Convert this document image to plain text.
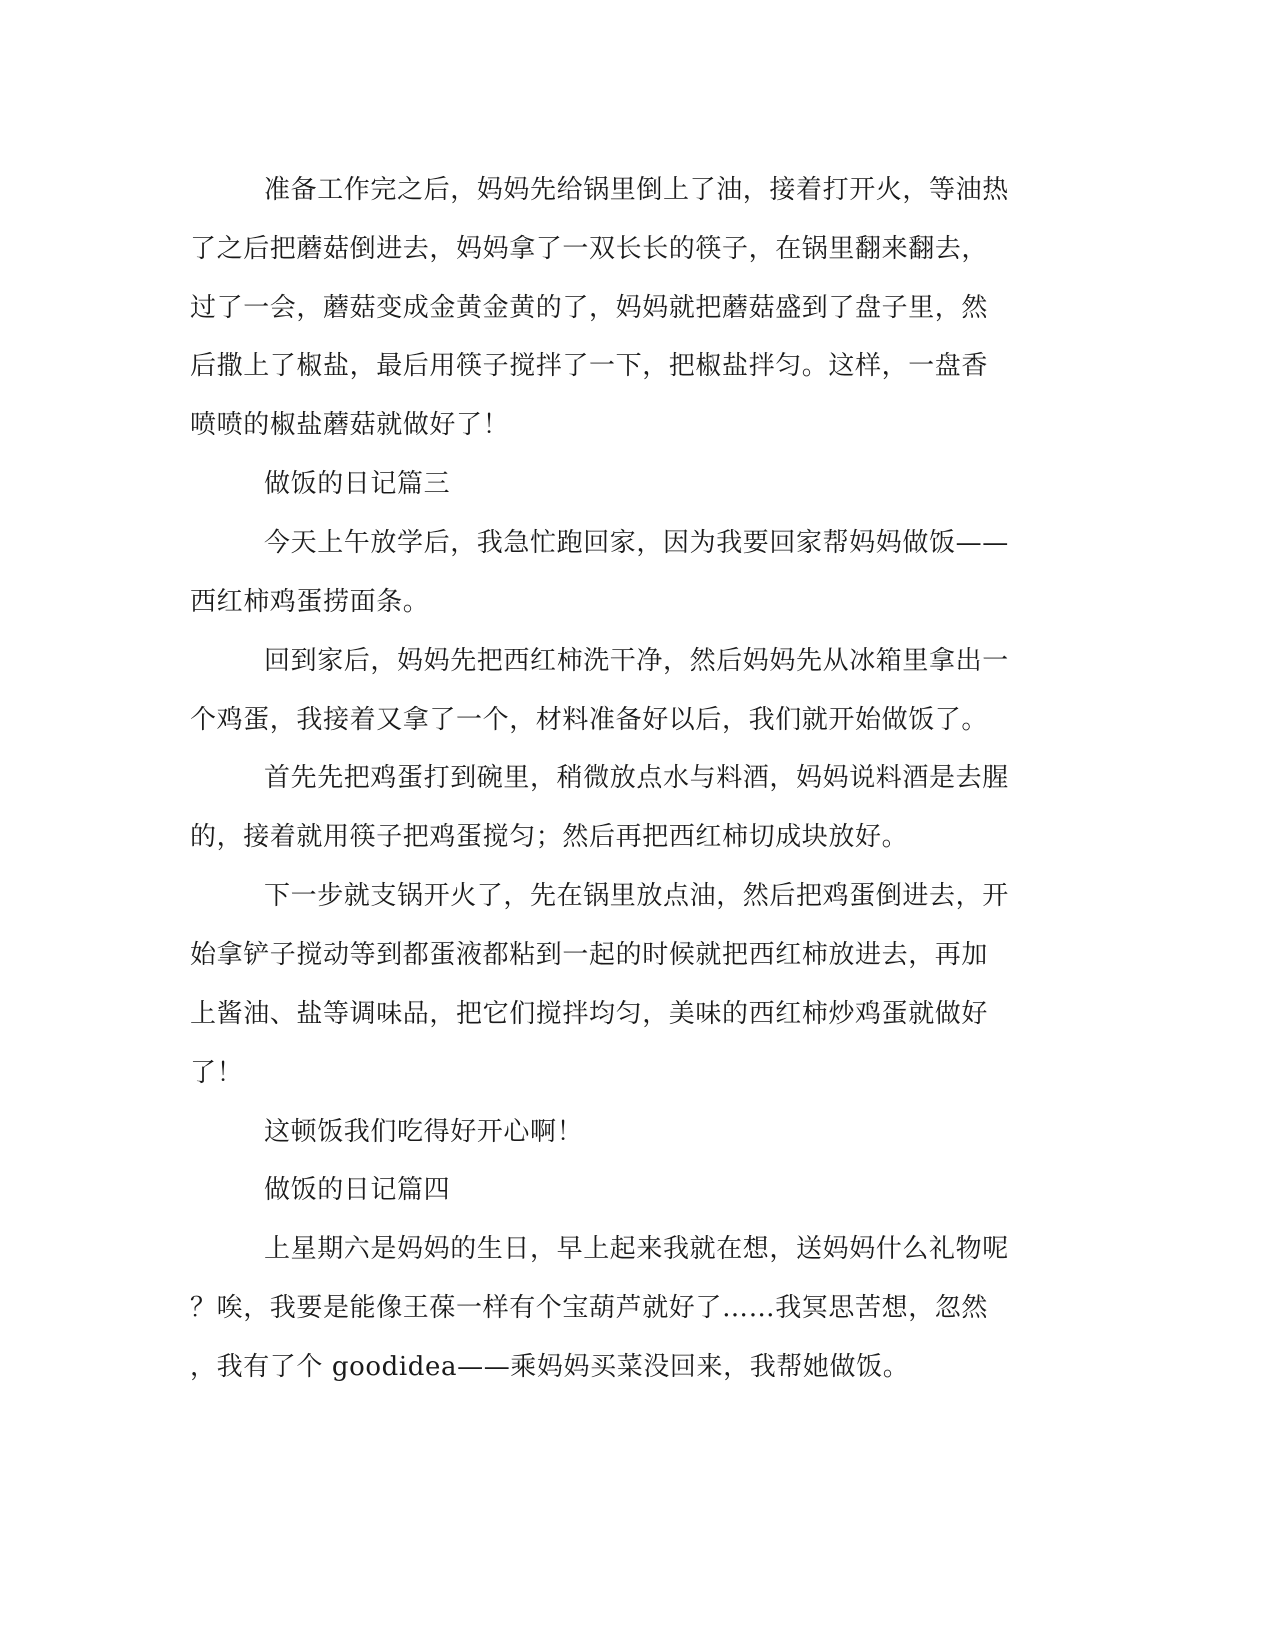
准备工作完之后，妈妈先给锅里倒上了油，接着打开火，等油热

了之后把蘑菇倒进去，妈妈拿了一双长长的筷子，在锅里翻来翻去，

过了一会，蘑菇变成金黄金黄的了，妈妈就把蘑菇盛到了盘子里，然

后撒上了椒盐，最后用筷子搅拌了一下，把椒盐拌匀。这样，一盘香

喷喷的椒盐蘑菇就做好了！

做饭的日记篇三

今天上午放学后，我急忙跑回家，因为我要回家帮妈妈做饭——

西红柿鸡蛋捞面条。

回到家后，妈妈先把西红柿洗干净，然后妈妈先从冰箱里拿出一

个鸡蛋，我接着又拿了一个，材料准备好以后，我们就开始做饭了。

首先先把鸡蛋打到碗里，稍微放点水与料酒，妈妈说料酒是去腥

的，接着就用筷子把鸡蛋搅匀；然后再把西红柿切成块放好。

下一步就支锅开火了，先在锅里放点油，然后把鸡蛋倒进去，开

始拿铲子搅动等到都蛋液都粘到一起的时候就把西红柿放进去，再加

上酱油、盐等调味品，把它们搅拌均匀，美味的西红柿炒鸡蛋就做好

了！

这顿饭我们吃得好开心啊！

做饭的日记篇四

上星期六是妈妈的生日，早上起来我就在想，送妈妈什么礼物呢

？唉，我要是能像王葆一样有个宝葫芦就好了……我冥思苦想，忽然

，我有了个 goodidea——乘妈妈买菜没回来，我帮她做饭。
